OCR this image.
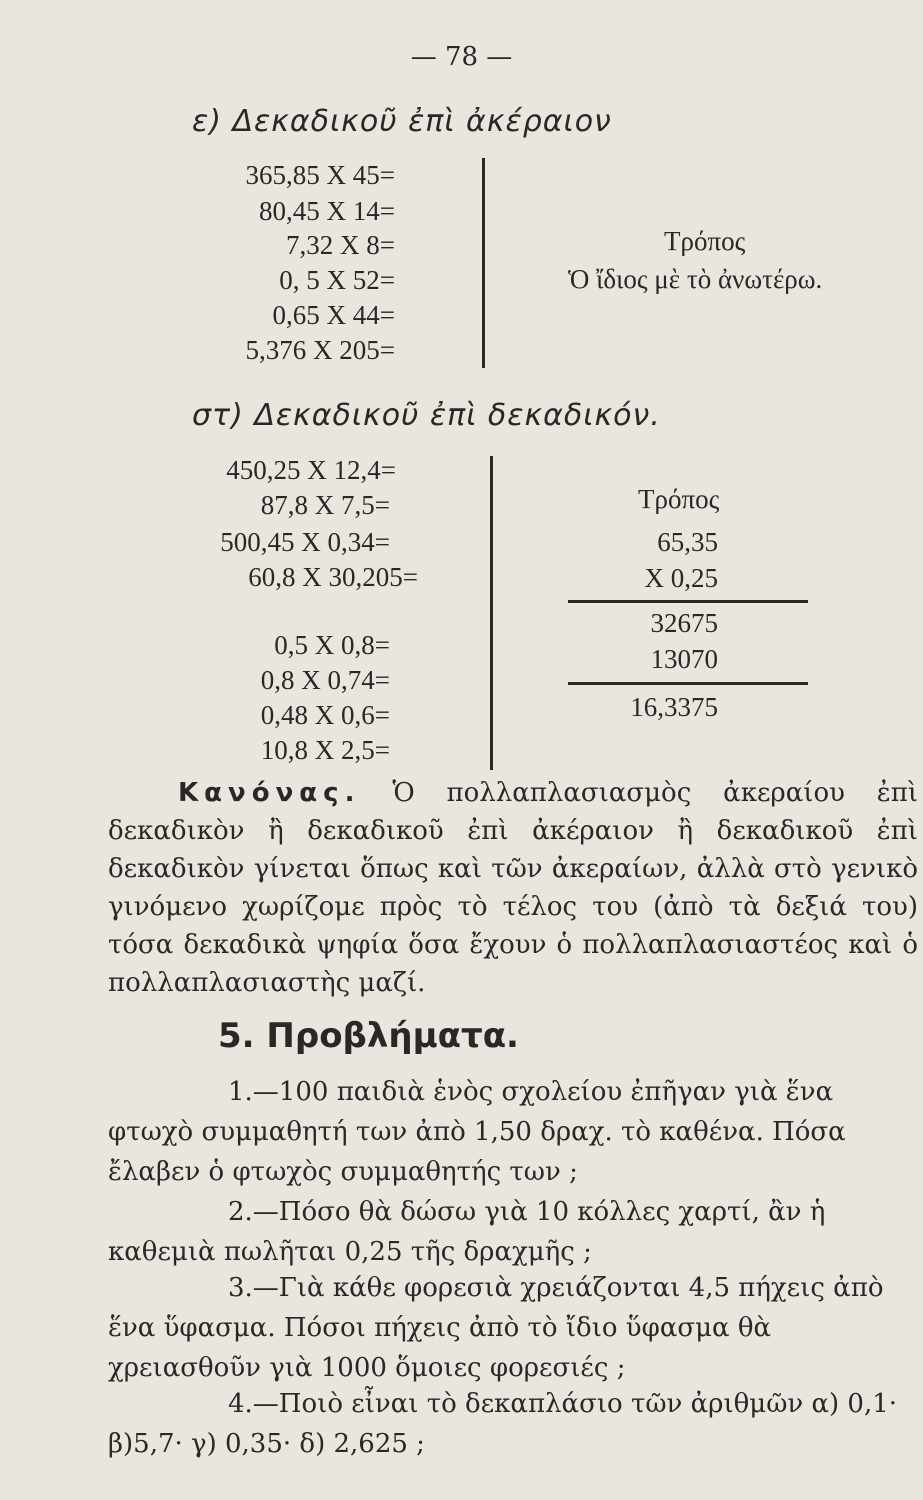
— 78 —
ε) Δεκαδικοῦ ἐπὶ ἀκέραιον
365,85 X 45=
80,45 X 14=
7,32 X 8=
0, 5 X 52=
0,65 X 44=
5,376 X 205=
Τρόπος
Ὁ ἴδιος μὲ τὸ ἀνωτέρω.
στ) Δεκαδικοῦ ἐπὶ δεκαδικόν.
450,25 X 12,4=
87,8 X 7,5=
500,45 X 0,34=
60,8 X 30,205=
0,5 X 0,8=
0,8 X 0,74=
0,48 X 0,6=
10,8 X 2,5=
Τρόπος
65,35
X 0,25
32675
13070
16,3375
Κανόνας. Ὁ πολλαπλασιασμὸς ἀκεραίου ἐπὶ δεκαδικὸν ἢ δεκαδικοῦ ἐπὶ ἀκέραιον ἢ δεκαδικοῦ ἐπὶ δεκαδικὸν γίνεται ὅπως καὶ τῶν ἀκεραίων, ἀλλὰ στὸ γενικὸ γινόμενο χωρίζομε πρὸς τὸ τέλος του (ἀπὸ τὰ δεξιά του) τόσα δεκαδικὰ ψηφία ὅσα ἔχουν ὁ πολλαπλασιαστέος καὶ ὁ πολλαπλασιαστὴς μαζί.
5. Προβλήματα.
1.—100 παιδιὰ ἑνὸς σχολείου ἐπῆγαν γιὰ ἕνα φτωχὸ συμμαθητή των ἀπὸ 1,50 δραχ. τὸ καθένα. Πόσα ἔλαβεν ὁ φτωχὸς συμμαθητής των ;
2.—Πόσο θὰ δώσω γιὰ 10 κόλλες χαρτί, ἂν ἡ καθεμιὰ πωλῆται 0,25 τῆς δραχμῆς ;
3.—Γιὰ κάθε φορεσιὰ χρειάζονται 4,5 πήχεις ἀπὸ ἕνα ὕφασμα. Πόσοι πήχεις ἀπὸ τὸ ἴδιο ὕφασμα θὰ χρειασθοῦν γιὰ 1000 ὅμοιες φορεσιές ;
4.—Ποιὸ εἶναι τὸ δεκαπλάσιο τῶν ἀριθμῶν α) 0,1· β)5,7· γ) 0,35· δ) 2,625 ;
